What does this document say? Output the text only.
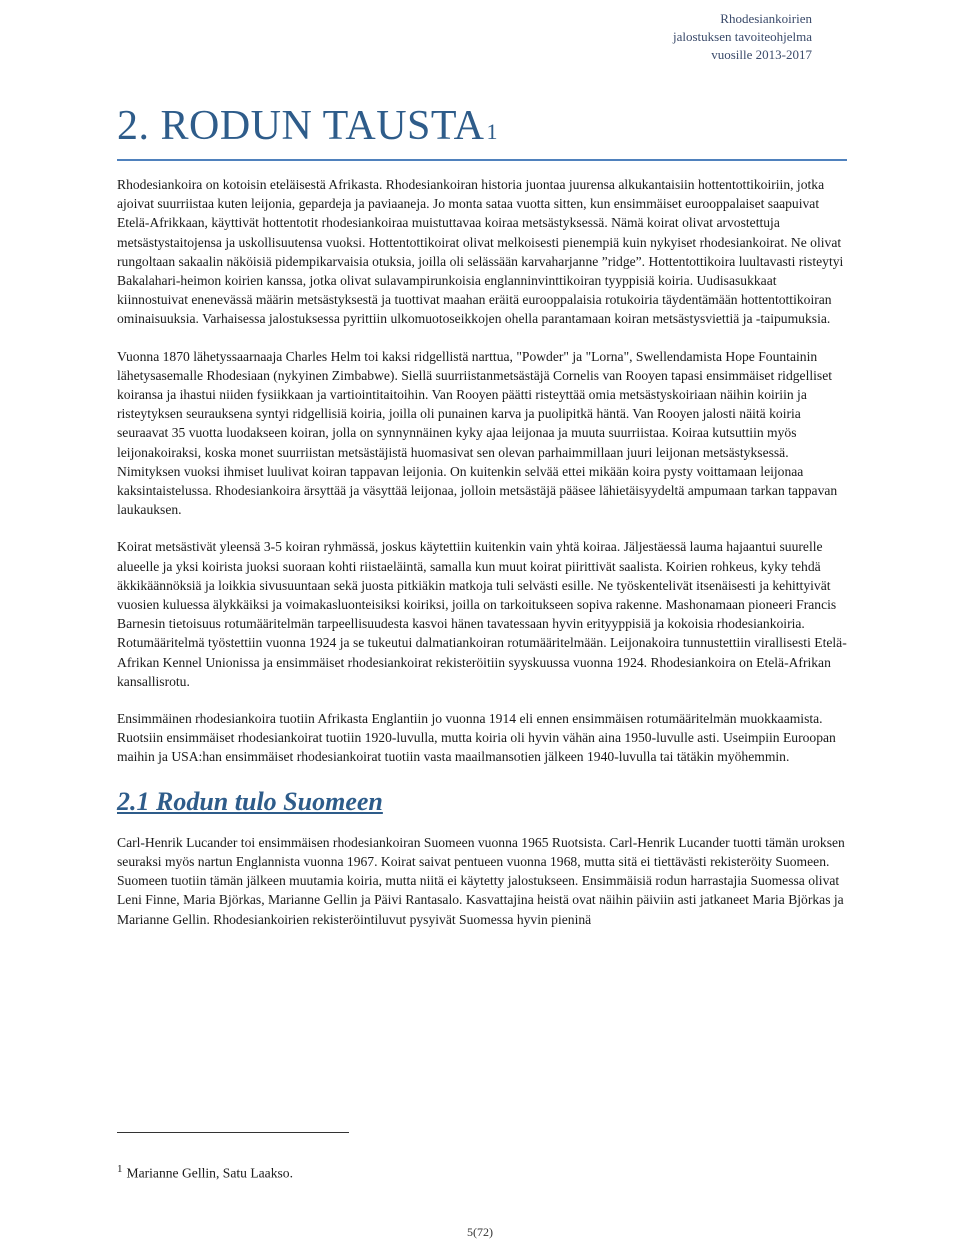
Rhodesiankoirien
jalostuksen tavoiteohjelma
vuosille 2013-2017
2. RODUN TAUSTA$^1$

Rhodesiankoira on kotoisin eteläisestä Afrikasta. Rhodesiankoiran historia juontaa juurensa alkukantaisiin hottentottikoiriin, jotka ajoivat suurriistaa kuten leijonia, gepardeja ja paviaaneja. Jo monta sataa vuotta sitten, kun ensimmäiset eurooppalaiset saapuivat Etelä-Afrikkaan, käyttivät hottentotit rhodesiankoiraa muistuttavaa koiraa metsästyksessä. Nämä koirat olivat arvostettuja metsästystaitojensa ja uskollisuutensa vuoksi. Hottentottikoirat olivat melkoisesti pienempiä kuin nykyiset rhodesiankoirat. Ne olivat rungoltaan sakaalin näköisiä pidempikarvaisia otuksia, joilla oli selässään karvaharjanne ”ridge”. Hottentottikoira luultavasti risteytyi Bakalahari-heimon koirien kanssa, jotka olivat sulavampirunkoisia englanninvinttikoiran tyyppisiä koiria. Uudisasukkaat kiinnostuivat enenevässä määrin metsästyksestä ja tuottivat maahan eräitä eurooppalaisia rotukoiria täydentämään hottentottikoiran ominaisuuksia. Varhaisessa jalostuksessa pyrittiin ulkomuotoseikkojen ohella parantamaan koiran metsästysviettiä ja -taipumuksia.

Vuonna 1870 lähetyssaarnaaja Charles Helm toi kaksi ridgellistä narttua, "Powder" ja "Lorna", Swellendamista Hope Fountainin lähetysasemalle Rhodesiaan (nykyinen Zimbabwe). Siellä suurriistanmetsästäjä Cornelis van Rooyen tapasi ensimmäiset ridgelliset koiransa ja ihastui niiden fysiikkaan ja vartiointitaitoihin. Van Rooyen päätti risteyttää omia metsästyskoiriaan näihin koiriin ja risteytyksen seurauksena syntyi ridgellisiä koiria, joilla oli punainen karva ja puolipitkä häntä. Van Rooyen jalosti näitä koiria seuraavat 35 vuotta luodakseen koiran, jolla on synnynnäinen kyky ajaa leijonaa ja muuta suurriistaa. Koiraa kutsuttiin myös leijonakoiraksi, koska monet suurriistan metsästäjistä huomasivat sen olevan parhaimmillaan juuri leijonan metsästyksessä. Nimityksen vuoksi ihmiset luulivat koiran tappavan leijonia. On kuitenkin selvää ettei mikään koira pysty voittamaan leijonaa kaksintaistelussa. Rhodesiankoira ärsyttää ja väsyttää leijonaa, jolloin metsästäjä pääsee lähietäisyydeltä ampumaan tarkan tappavan laukauksen.

Koirat metsästivät yleensä 3-5 koiran ryhmässä, joskus käytettiin kuitenkin vain yhtä koiraa. Jäljestäessä lauma hajaantui suurelle alueelle ja yksi koirista juoksi suoraan kohti riistaeläintä, samalla kun muut koirat piirittivät saalista. Koirien rohkeus, kyky tehdä äkkikäännöksiä ja loikkia sivusuuntaan sekä juosta pitkiäkin matkoja tuli selvästi esille. Ne työskentelivät itsenäisesti ja kehittyivät vuosien kuluessa älykkäiksi ja voimakasluonteisiksi koiriksi, joilla on tarkoitukseen sopiva rakenne. Mashonamaan pioneeri Francis Barnesin tietoisuus rotumääritelmän tarpeellisuudesta kasvoi hänen tavatessaan hyvin erityyppisiä ja kokoisia rhodesiankoiria. Rotumääritelmä työstettiin vuonna 1924 ja se tukeutui dalmatiankoiran rotumääritelmään. Leijonakoira tunnustettiin virallisesti Etelä-Afrikan Kennel Unionissa ja ensimmäiset rhodesiankoirat rekisteröitiin syyskuussa vuonna 1924. Rhodesiankoira on Etelä-Afrikan kansallisrotu.

Ensimmäinen rhodesiankoira tuotiin Afrikasta Englantiin jo vuonna 1914 eli ennen ensimmäisen rotumääritelmän muokkaamista. Ruotsiin ensimmäiset rhodesiankoirat tuotiin 1920-luvulla, mutta koiria oli hyvin vähän aina 1950-luvulle asti. Useimpiin Euroopan maihin ja USA:han ensimmäiset rhodesiankoirat tuotiin vasta maailmansotien jälkeen 1940-luvulla tai tätäkin myöhemmin.

2.1 Rodun tulo Suomeen

Carl-Henrik Lucander toi ensimmäisen rhodesiankoiran Suomeen vuonna 1965 Ruotsista. Carl-Henrik Lucander tuotti tämän uroksen seuraksi myös nartun Englannista vuonna 1967. Koirat saivat pentueen vuonna 1968, mutta sitä ei tiettävästi rekisteröity Suomeen. Suomeen tuotiin tämän jälkeen muutamia koiria, mutta niitä ei käytetty jalostukseen. Ensimmäisiä rodun harrastajia Suomessa olivat Leni Finne, Maria Björkas, Marianne Gellin ja Päivi Rantasalo. Kasvattajina heistä ovat näihin päiviin asti jatkaneet Maria Björkas ja Marianne Gellin. Rhodesiankoirien rekisteröintiluvut pysyivät Suomessa hyvin pieninä

$^1$ Marianne Gellin, Satu Laakso.
5(72)
